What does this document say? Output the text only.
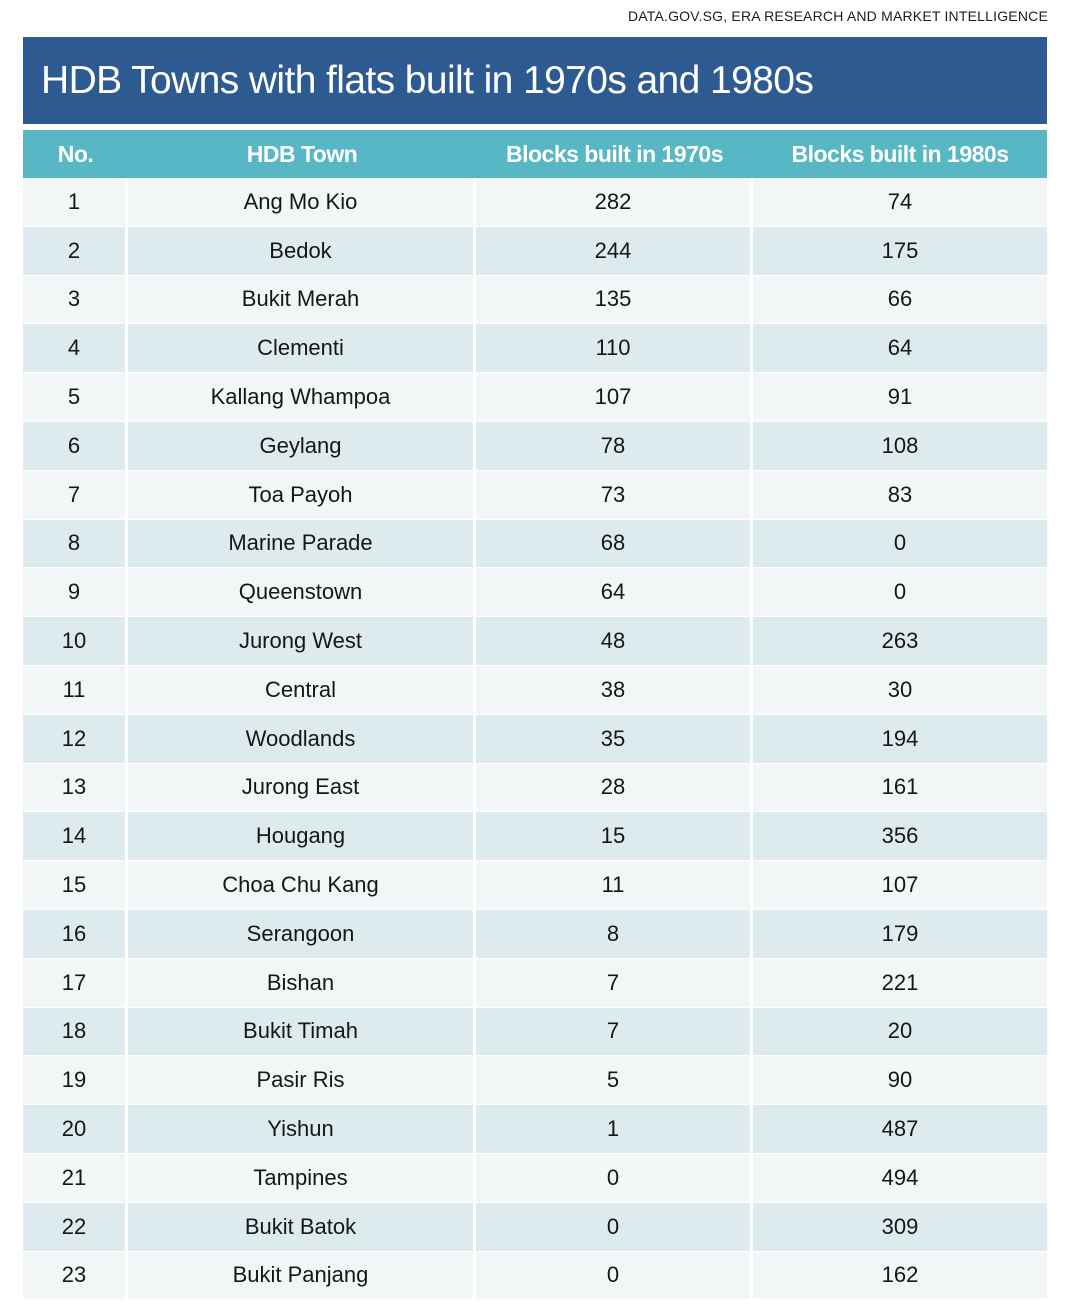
DATA.GOV.SG, ERA RESEARCH AND MARKET INTELLIGENCE
HDB Towns with flats built in 1970s and 1980s
No.	HDB Town	Blocks built in 1970s	Blocks built in 1980s
1	Ang Mo Kio	282	74
2	Bedok	244	175
3	Bukit Merah	135	66
4	Clementi	110	64
5	Kallang Whampoa	107	91
6	Geylang	78	108
7	Toa Payoh	73	83
8	Marine Parade	68	0
9	Queenstown	64	0
10	Jurong West	48	263
11	Central	38	30
12	Woodlands	35	194
13	Jurong East	28	161
14	Hougang	15	356
15	Choa Chu Kang	11	107
16	Serangoon	8	179
17	Bishan	7	221
18	Bukit Timah	7	20
19	Pasir Ris	5	90
20	Yishun	1	487
21	Tampines	0	494
22	Bukit Batok	0	309
23	Bukit Panjang	0	162
